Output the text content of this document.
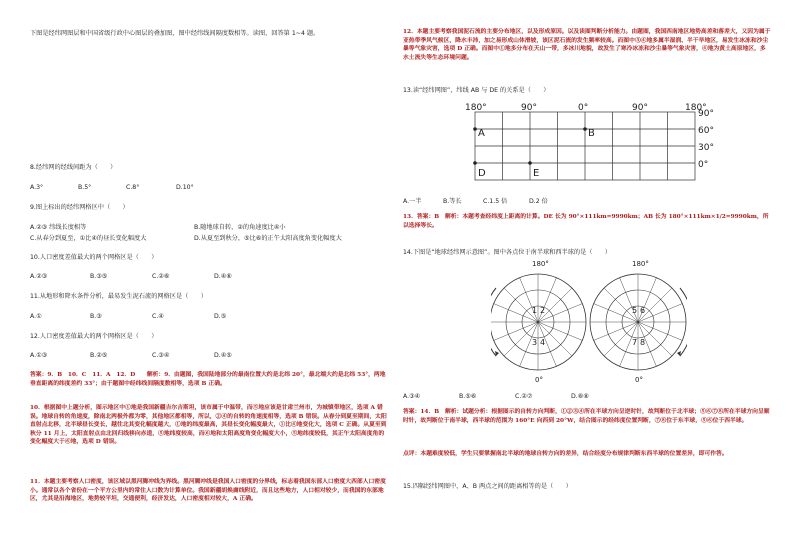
下图是经纬网图层和中国省级行政中心图层的叠加图，图中经纬线间隔度数相等。读图，回答第 1~4 题。
8.经纬网的经线间距为（　　）
A.3°	B.5°	C.8°	D.10°
9.图上标出的经纬网格区中（　　）
A.②③ 纬线长度相等	B.随地球自转，②的角速度比④小
C.从春分到夏至，①比④的昼长变化幅度大	D.从夏至到秋分，⑤比⑥的正午太阳高度角变化幅度大
10.人口密度差值最大的两个网格区是（　　）
A.②③	B.③⑤	C.②⑥	D.④⑥
11.从地形和降水条件分析，最易发生泥石流的网格区是（　　）
A.①	B.③	C.④	D.⑤
12.人口密度差值最大的两个网格区是（　　）
A.①③	B.②⑤	C.③④	D.④⑤
答案：9．B　10．C　11．A　12．D　　解析：9．由题图，我国陆地部分的最南位置大约是北纬 20°，最北端大约是北纬 53°，两地垂直距离的纬度差约 33°；由于题图中经纬线间隔度数相等，选项 B 正确。
10．根据图中上题分析，图示地区中①地是我国新疆吉尔吉斯坦，该市属于中温带，而⑤地应该是甘肃兰州市，为城镇带地区，选项 A 错误。地球自转的角速度，除南北两极外都为零，其他地区都相等，所以，②④的自转的角速度相等，选项 B 错误。从春分到夏至期间，太阳直射点北移，北半球昼长变长，越往北其变化幅度越大，①地的纬度最高，其昼长变化幅度最大，①比④地变化大，选项 C 正确。从夏至到秋分 11 月上，太阳直射点由北回归线移向赤道，⑤地纬度较高，而⑥地和太阳高度角变化幅度大小，⑤地纬度较低，其正午太阳高度角的变化幅度大于⑥地，选项 D 错误。
11．本题主要考察人口密度，该区域以黑河腾冲线为界线。黑河腾冲线是我国人口密度的分界线，标志着我国东部人口密度大西部人口密度小。通常以各个省份在一个平方公里内的常住人口数为计算单位。我国新疆胡焕庸线附近，而且这些地方，人口相对较少，而我国的东部地区，尤其是沿海地区，地势较平坦，交通便利，经济发达，人口密度相对较大，A 正确。
12．本题主要考察我国泥石流的主要分布地区，以及形成原因。以及读图判断分析能力。由题图，我国西南地区地势高差和落差大，又因为属于亚热带季风气候区，降水丰沛，加之易形成山体滑坡，该区泥石流的发生频率较高。而图中③④地多属半湿润、半干旱地区，易发生冰冻和沙尘暴等气象灾害，选项 D 正确。而图中①地多分布在天山一带，多冰川地貌，故发生了寒冷冰冻和沙尘暴等气象灾害，④地为黄土高原地区，多水土流失等生态环境问题。
13.读“经纬网图”，纬线 AB 与 DE 的关系是（　　）
180°	90°	0°	90°	180°
90°
60°
30°
0°
A	B
D	E
A.一半	B.等长	C.1.5 倍	D.2 倍
13．答案：B　解析：本题考查经纬度上距离的计算。DE 长为 90°×111km=9990km；AB 长为 180°×111km×1/2=9990km，所以选择等长。
14.下图是“地球经纬网示意图”。图中各点位于南半球和西半球的是（　　）
180°
0°
180°
0°
1 2
3 4
5 6
7 8
A.③④	B.⑤⑥	C.②⑦	D.⑥⑧
答案：14．B　解析：试题分析：根据图示的自转方向判断，①②③④所在半球方向呈逆时针，故判断位于北半球；⑤⑥⑦⑧所在半球方向呈顺时针，故判断位于南半球，西半球的范围为 160°E 向西到 20°W，结合图示的经纬度位置判断，⑦⑧位于东半球，⑤⑥位于西半球。
点评：本题难度较低，学生只要掌握南北半球的地球自转方向的差异，结合经度分布规律判断东西半球的位置差异，即可作答。
15.四幅经纬网图中，A、B 两点之间的距离相等的是（　　）
